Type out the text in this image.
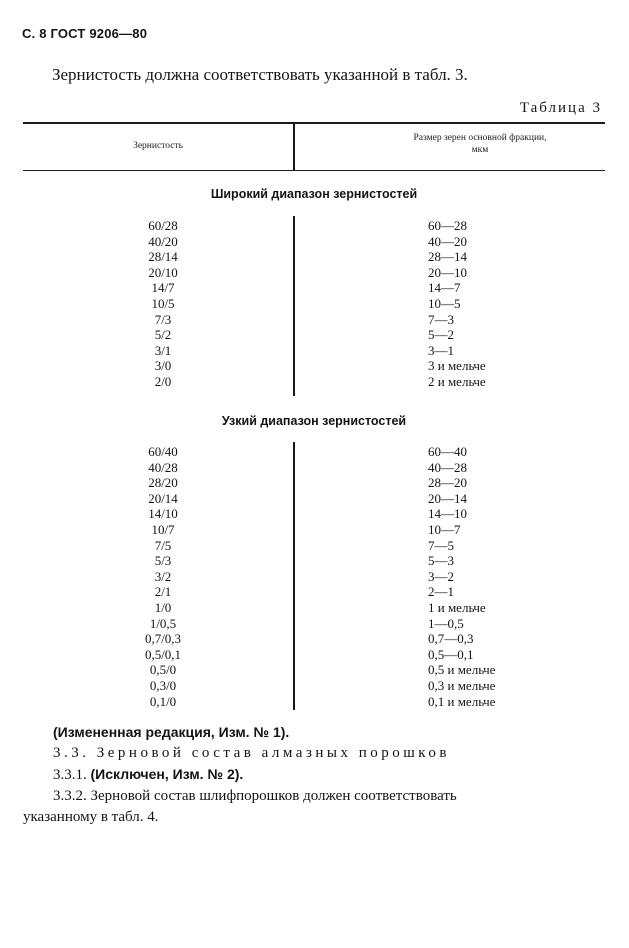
С. 8 ГОСТ 9206—80
Зернистость должна соответствовать указанной в табл. 3.
Таблица 3
Зернистость
Размер зерен основной фракции,
мкм
Широкий диапазон зернистостей
60/28	60—28
40/20	40—20
28/14	28—14
20/10	20—10
14/7	14—7
10/5	10—5
7/3	7—3
5/2	5—2
3/1	3—1
3/0	3 и мельче
2/0	2 и мельче
Узкий диапазон зернистостей
60/40	60—40
40/28	40—28
28/20	28—20
20/14	20—14
14/10	14—10
10/7	10—7
7/5	7—5
5/3	5—3
3/2	3—2
2/1	2—1
1/0	1 и мельче
1/0,5	1—0,5
0,7/0,3	0,7—0,3
0,5/0,1	0,5—0,1
0,5/0	0,5 и мельче
0,3/0	0,3 и мельче
0,1/0	0,1 и мельче
(Измененная редакция, Изм. № 1).
3.3. Зерновой состав алмазных порошков
3.3.1. (Исключен, Изм. № 2).
3.3.2. Зерновой состав шлифпорошков должен соответствовать
указанному в табл. 4.
